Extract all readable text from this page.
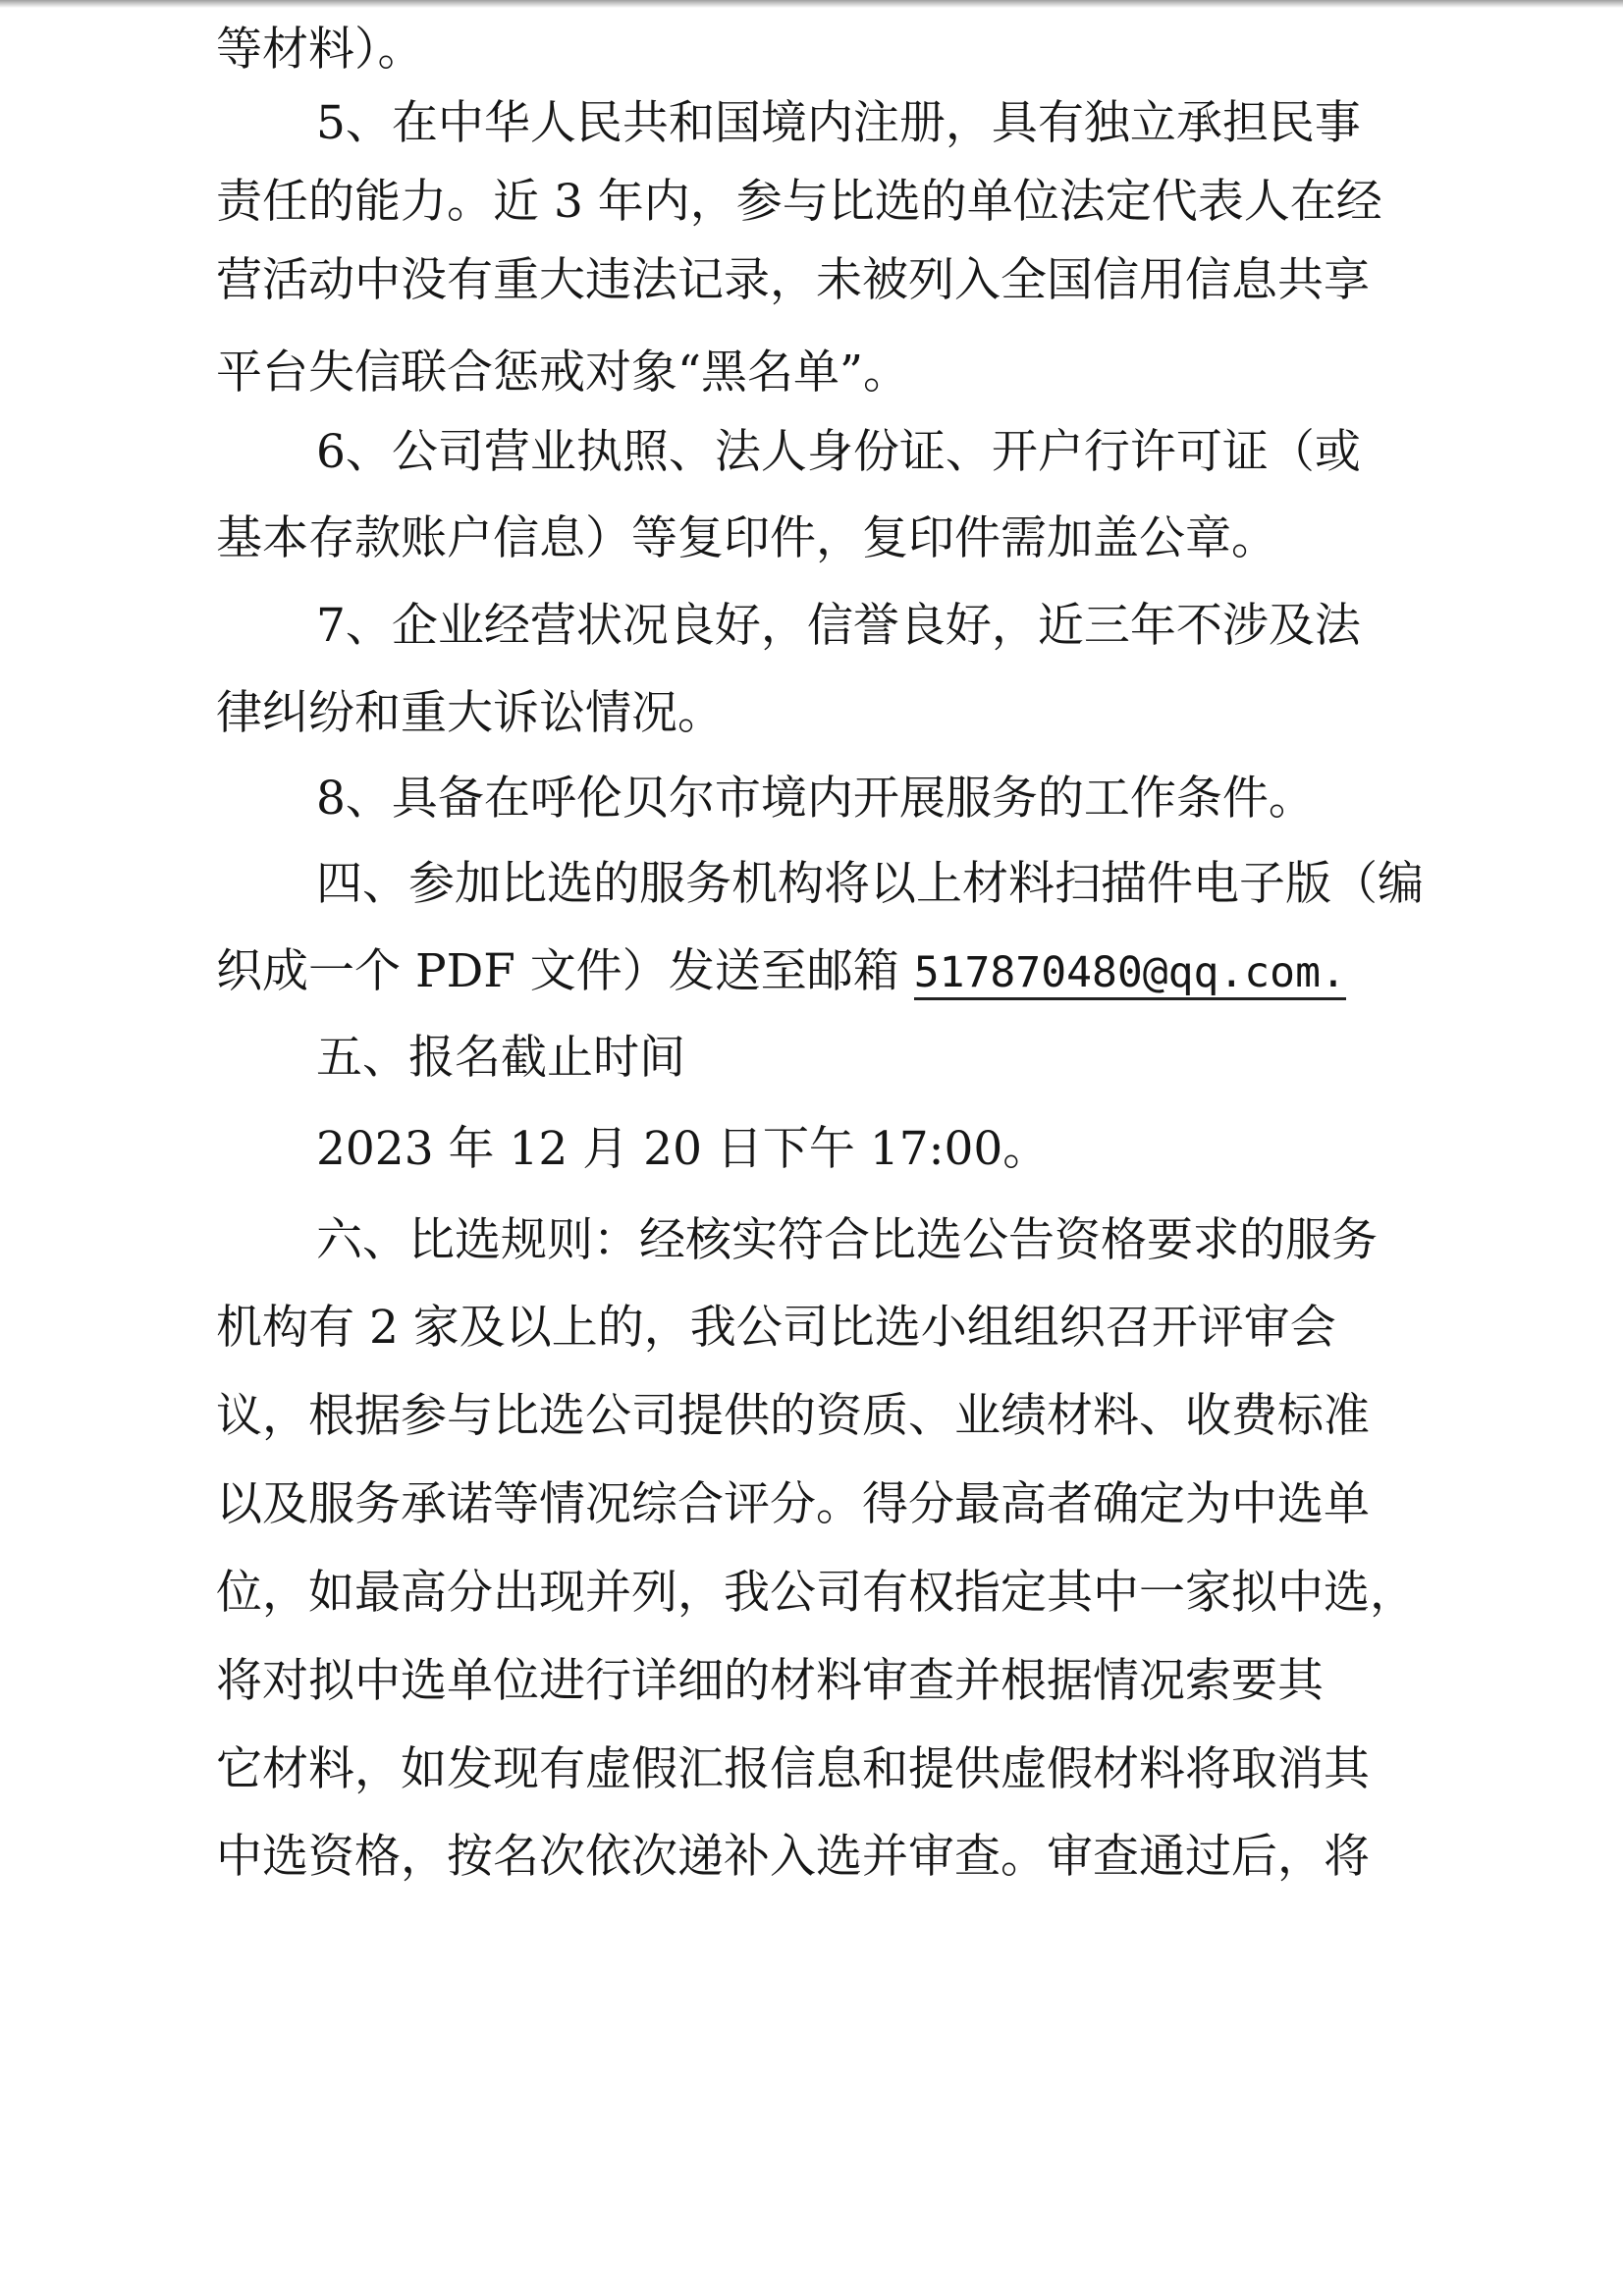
等材料）。
5、在中华人民共和国境内注册，具有独立承担民事
责任的能力。近 3 年内，参与比选的单位法定代表人在经
营活动中没有重大违法记录，未被列入全国信用信息共享
平台失信联合惩戒对象“黑名单”。
6、公司营业执照、法人身份证、开户行许可证（或
基本存款账户信息）等复印件，复印件需加盖公章。
7、企业经营状况良好，信誉良好，近三年不涉及法
律纠纷和重大诉讼情况。
8、具备在呼伦贝尔市境内开展服务的工作条件。
四、参加比选的服务机构将以上材料扫描件电子版（编
织成一个 PDF 文件）发送至邮箱 517870480@qq.com.
五、报名截止时间
2023 年 12 月 20 日下午 17:00。
六、比选规则：经核实符合比选公告资格要求的服务
机构有 2 家及以上的，我公司比选小组组织召开评审会
议，根据参与比选公司提供的资质、业绩材料、收费标准
以及服务承诺等情况综合评分。得分最高者确定为中选单
位，如最高分出现并列，我公司有权指定其中一家拟中选，
将对拟中选单位进行详细的材料审查并根据情况索要其
它材料，如发现有虚假汇报信息和提供虚假材料将取消其
中选资格，按名次依次递补入选并审查。审查通过后，将
